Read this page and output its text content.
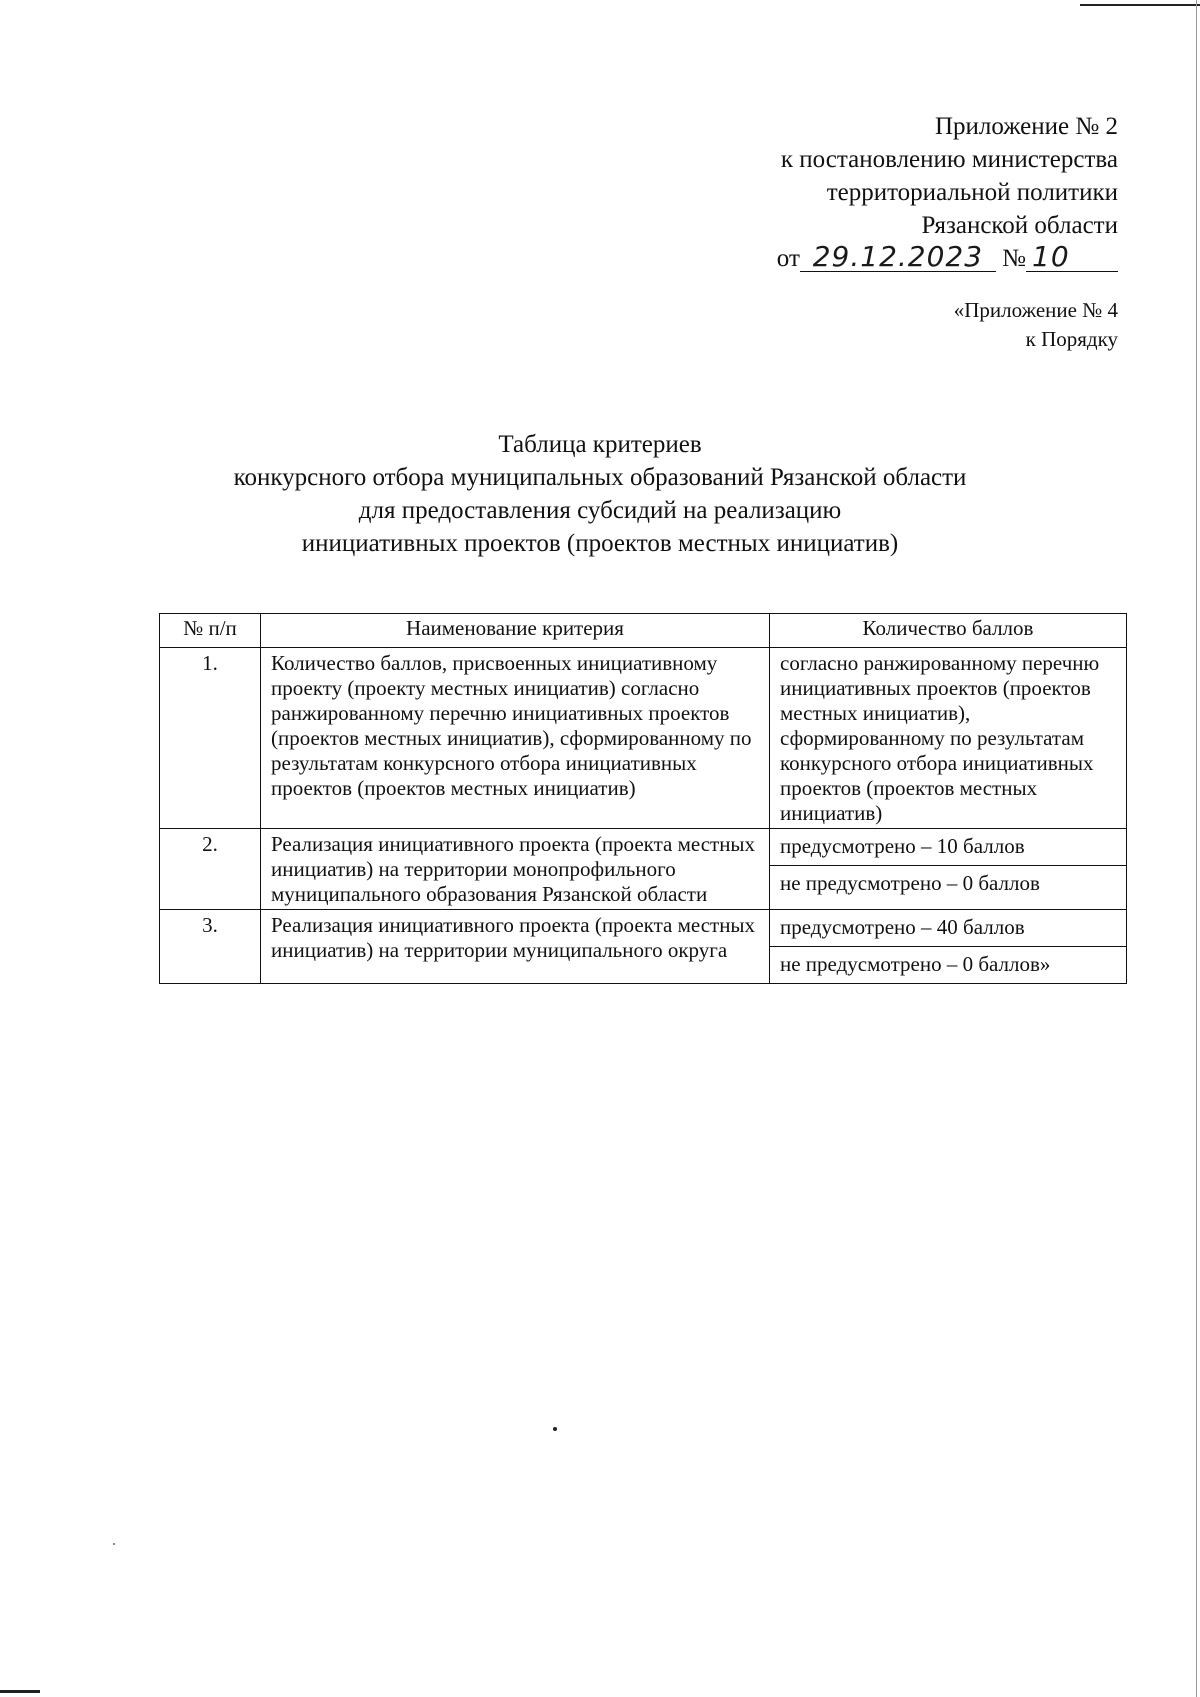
Приложение № 2
к постановлению министерства
территориальной политики
Рязанской области
от 29.12.2023 № 10
«Приложение № 4
к Порядку
Таблица критериев
конкурсного отбора муниципальных образований Рязанской области
для предоставления субсидий на реализацию
инициативных проектов (проектов местных инициатив)
№ п/п	Наименование критерия	Количество баллов
1.	Количество баллов, присвоенных инициативному проекту (проекту местных инициатив) согласно ранжированному перечню инициативных проектов (проектов местных инициатив), сформированному по результатам конкурсного отбора инициативных проектов (проектов местных инициатив)	согласно ранжированному перечню инициативных проектов (проектов местных инициатив), сформированному по результатам конкурсного отбора инициативных проектов (проектов местных инициатив)
2.	Реализация инициативного проекта (проекта местных инициатив) на территории монопрофильного муниципального образования Рязанской области	предусмотрено – 10 баллов
не предусмотрено – 0 баллов

3.	Реализация инициативного проекта (проекта местных инициатив) на территории муниципального округа	предусмотрено – 40 баллов
не предусмотрено – 0 баллов»
